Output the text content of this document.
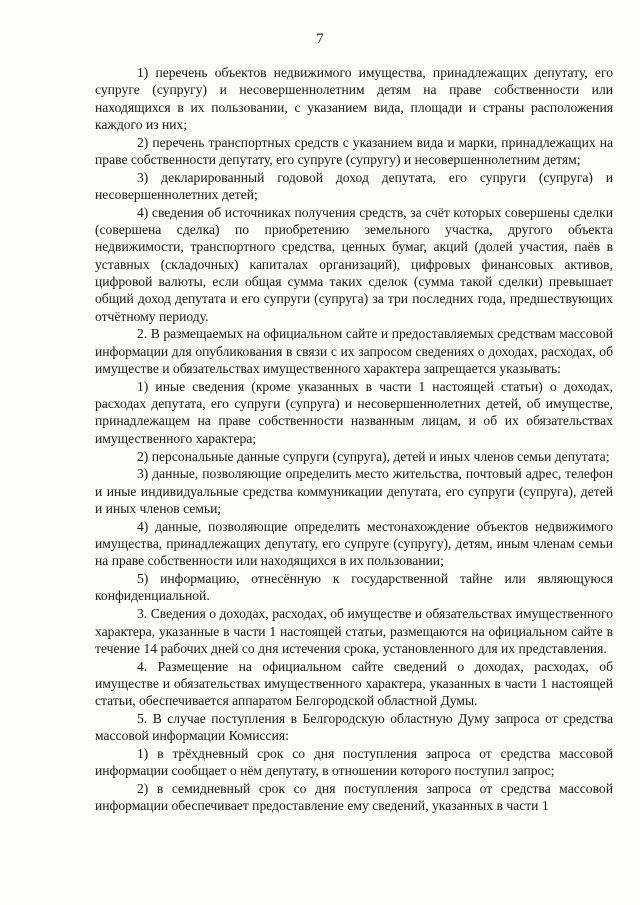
7

1) перечень объектов недвижимого имущества, принадлежащих депутату, его супруге (супругу) и несовершеннолетним детям на праве собственности или находящихся в их пользовании, с указанием вида, площади и страны расположения каждого из них;

2) перечень транспортных средств с указанием вида и марки, принадлежащих на праве собственности депутату, его супруге (супругу) и несовершеннолетним детям;

3) декларированный годовой доход депутата, его супруги (супруга) и несовершеннолетних детей;

4) сведения об источниках получения средств, за счёт которых совершены сделки (совершена сделка) по приобретению земельного участка, другого объекта недвижимости, транспортного средства, ценных бумаг, акций (долей участия, паёв в уставных (складочных) капиталах организаций), цифровых финансовых активов, цифровой валюты, если общая сумма таких сделок (сумма такой сделки) превышает общий доход депутата и его супруги (супруга) за три последних года, предшествующих отчётному периоду.

2. В размещаемых на официальном сайте и предоставляемых средствам массовой информации для опубликования в связи с их запросом сведениях о доходах, расходах, об имуществе и обязательствах имущественного характера запрещается указывать:

1) иные сведения (кроме указанных в части 1 настоящей статьи) о доходах, расходах депутата, его супруги (супруга) и несовершеннолетних детей, об имуществе, принадлежащем на праве собственности названным лицам, и об их обязательствах имущественного характера;

2) персональные данные супруги (супруга), детей и иных членов семьи депутата;

3) данные, позволяющие определить место жительства, почтовый адрес, телефон и иные индивидуальные средства коммуникации депутата, его супруги (супруга), детей и иных членов семьи;

4) данные, позволяющие определить местонахождение объектов недвижимого имущества, принадлежащих депутату, его супруге (супругу), детям, иным членам семьи на праве собственности или находящихся в их пользовании;

5) информацию, отнесённую к государственной тайне или являющуюся конфиденциальной.

3. Сведения о доходах, расходах, об имуществе и обязательствах имущественного характера, указанные в части 1 настоящей статьи, размещаются на официальном сайте в течение 14 рабочих дней со дня истечения срока, установленного для их представления.

4. Размещение на официальном сайте сведений о доходах, расходах, об имуществе и обязательствах имущественного характера, указанных в части 1 настоящей статьи, обеспечивается аппаратом Белгородской областной Думы.

5. В случае поступления в Белгородскую областную Думу запроса от средства массовой информации Комиссия:

1) в трёхдневный срок со дня поступления запроса от средства массовой информации сообщает о нём депутату, в отношении которого поступил запрос;

2) в семидневный срок со дня поступления запроса от средства массовой информации обеспечивает предоставление ему сведений, указанных в части 1
